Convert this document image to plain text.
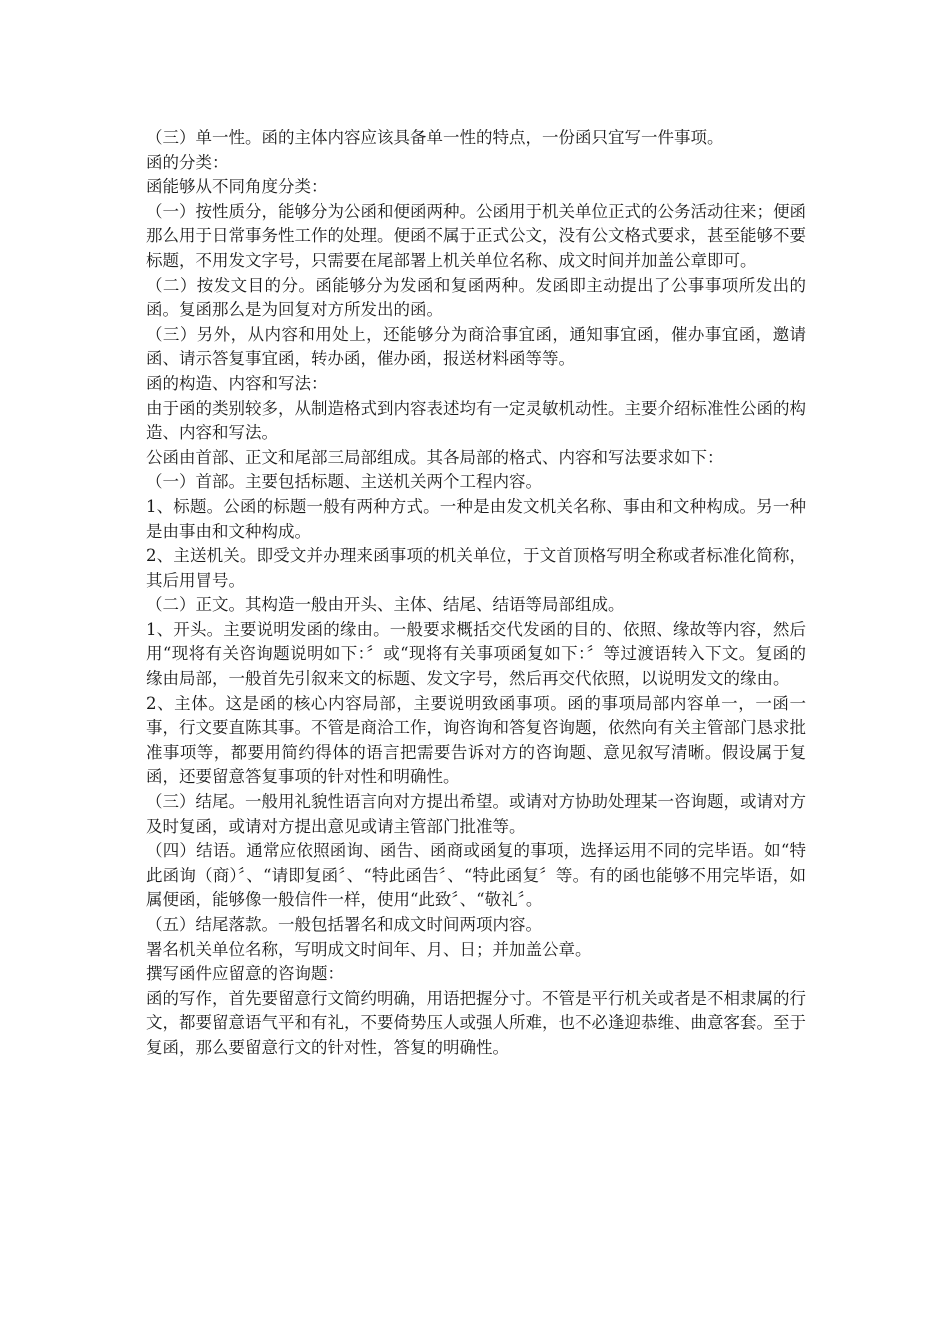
（三）单一性。函的主体内容应该具备单一性的特点，一份函只宜写一件事项。

函的分类：

函能够从不同角度分类：

（一）按性质分，能够分为公函和便函两种。公函用于机关单位正式的公务活动往来；便函那么用于日常事务性工作的处理。便函不属于正式公文，没有公文格式要求，甚至能够不要标题，不用发文字号，只需要在尾部署上机关单位名称、成文时间并加盖公章即可。

（二）按发文目的分。函能够分为发函和复函两种。发函即主动提出了公事事项所发出的函。复函那么是为回复对方所发出的函。

（三）另外，从内容和用处上，还能够分为商洽事宜函，通知事宜函，催办事宜函，邀请函、请示答复事宜函，转办函，催办函，报送材料函等等。

函的构造、内容和写法：

由于函的类别较多，从制造格式到内容表述均有一定灵敏机动性。主要介绍标准性公函的构造、内容和写法。

公函由首部、正文和尾部三局部组成。其各局部的格式、内容和写法要求如下：

（一）首部。主要包括标题、主送机关两个工程内容。

1、标题。公函的标题一般有两种方式。一种是由发文机关名称、事由和文种构成。另一种是由事由和文种构成。

2、主送机关。即受文并办理来函事项的机关单位，于文首顶格写明全称或者标准化简称，其后用冒号。

（二）正文。其构造一般由开头、主体、结尾、结语等局部组成。

1、开头。主要说明发函的缘由。一般要求概括交代发函的目的、依照、缘故等内容，然后用“现将有关咨询题说明如下：〞或“现将有关事项函复如下：〞等过渡语转入下文。复函的缘由局部，一般首先引叙来文的标题、发文字号，然后再交代依照，以说明发文的缘由。

2、主体。这是函的核心内容局部，主要说明致函事项。函的事项局部内容单一，一函一事，行文要直陈其事。不管是商洽工作，询咨询和答复咨询题，依然向有关主管部门恳求批准事项等，都要用简约得体的语言把需要告诉对方的咨询题、意见叙写清晰。假设属于复函，还要留意答复事项的针对性和明确性。

（三）结尾。一般用礼貌性语言向对方提出希望。或请对方协助处理某一咨询题，或请对方及时复函，或请对方提出意见或请主管部门批准等。

（四）结语。通常应依照函询、函告、函商或函复的事项，选择运用不同的完毕语。如“特此函询（商）〞、“请即复函〞、“特此函告〞、“特此函复〞等。有的函也能够不用完毕语，如属便函，能够像一般信件一样，使用“此致〞、“敬礼〞。

（五）结尾落款。一般包括署名和成文时间两项内容。

署名机关单位名称，写明成文时间年、月、日；并加盖公章。

撰写函件应留意的咨询题：

函的写作，首先要留意行文简约明确，用语把握分寸。不管是平行机关或者是不相隶属的行文，都要留意语气平和有礼，不要倚势压人或强人所难，也不必逢迎恭维、曲意客套。至于复函，那么要留意行文的针对性，答复的明确性。
